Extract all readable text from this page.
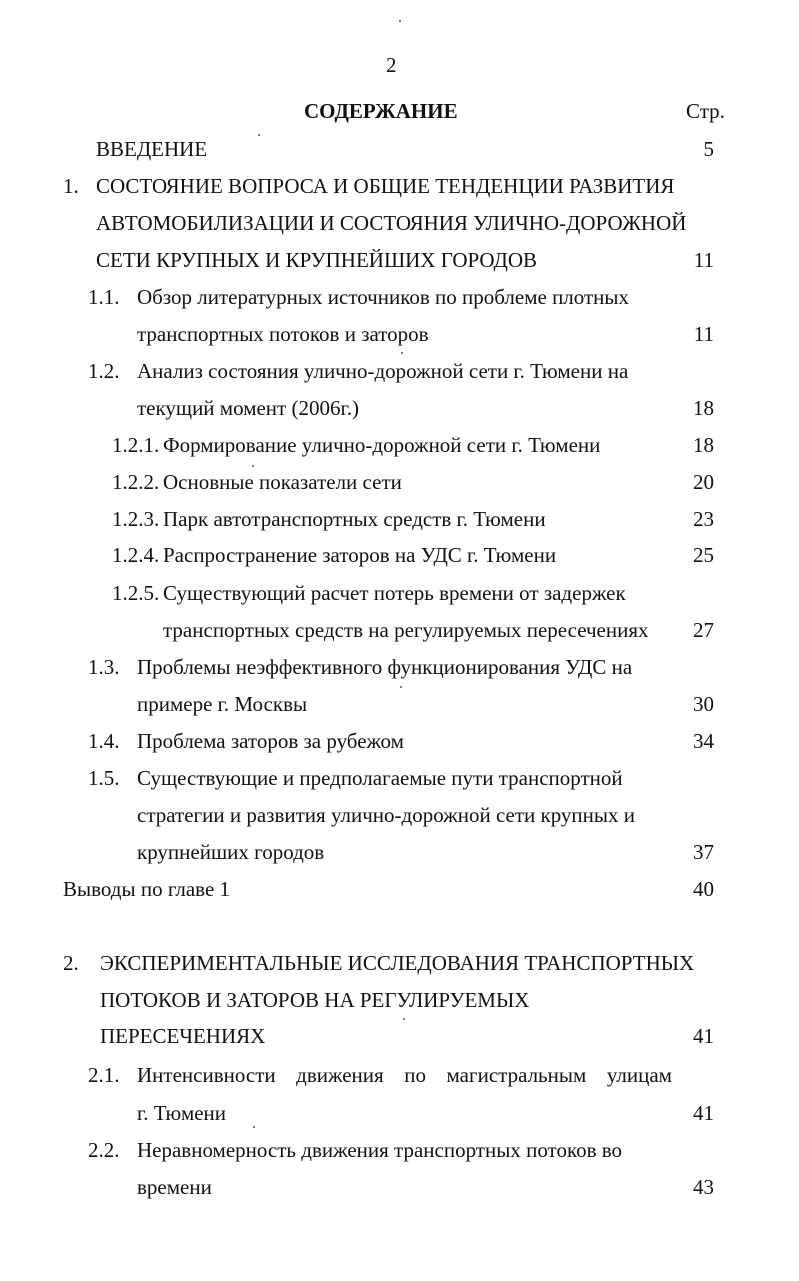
2
СОДЕРЖАНИЕ	Стр.
ВВЕДЕНИЕ	5
1. СОСТОЯНИЕ ВОПРОСА И ОБЩИЕ ТЕНДЕНЦИИ РАЗВИТИЯ
АВТОМОБИЛИЗАЦИИ И СОСТОЯНИЯ УЛИЧНО-ДОРОЖНОЙ
СЕТИ КРУПНЫХ И КРУПНЕЙШИХ ГОРОДОВ	11
1.1. Обзор литературных источников по проблеме плотных
транспортных потоков и заторов	11
1.2. Анализ состояния улично-дорожной сети г. Тюмени на
текущий момент (2006г.)	18
1.2.1. Формирование улично-дорожной сети г. Тюмени	18
1.2.2. Основные показатели сети	20
1.2.3. Парк автотранспортных средств г. Тюмени	23
1.2.4. Распространение заторов на УДС г. Тюмени	25
1.2.5. Существующий расчет потерь времени от задержек
транспортных средств на регулируемых пересечениях	27
1.3. Проблемы неэффективного функционирования УДС на
примере г. Москвы	30
1.4. Проблема заторов за рубежом	34
1.5. Существующие и предполагаемые пути транспортной
стратегии и развития улично-дорожной сети крупных и
крупнейших городов	37
Выводы по главе 1	40
2. ЭКСПЕРИМЕНТАЛЬНЫЕ ИССЛЕДОВАНИЯ ТРАНСПОРТНЫХ
ПОТОКОВ И ЗАТОРОВ НА РЕГУЛИРУЕМЫХ
ПЕРЕСЕЧЕНИЯХ	41
2.1. Интенсивности движения по магистральным улицам
г. Тюмени	41
2.2. Неравномерность движения транспортных потоков во
времени	43
